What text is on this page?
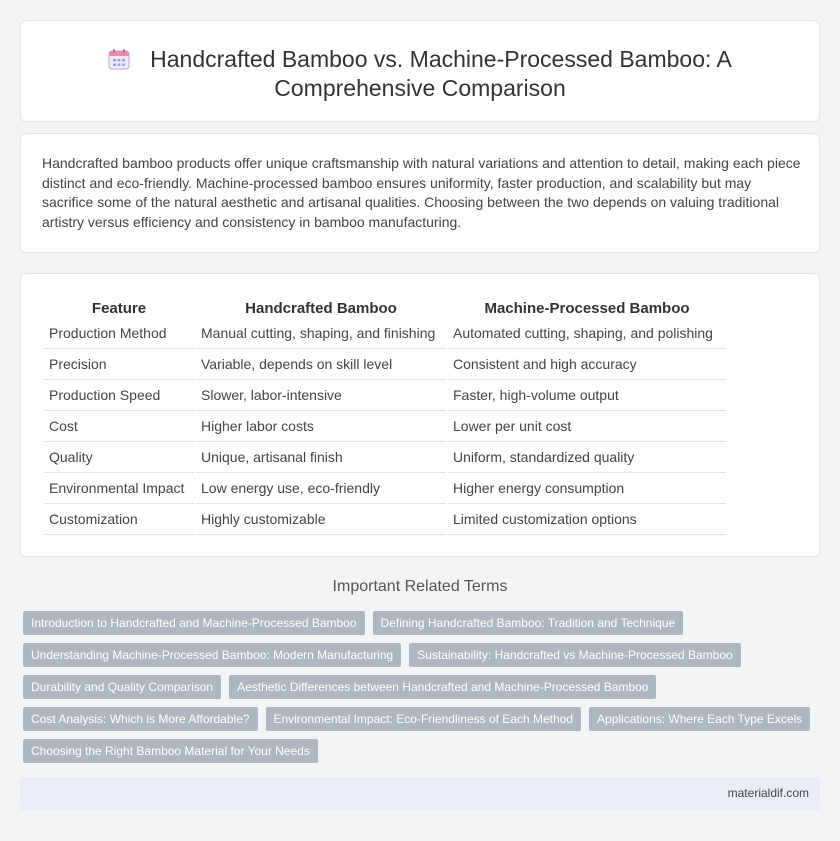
Handcrafted Bamboo vs. Machine-Processed Bamboo: A Comprehensive Comparison

Handcrafted bamboo products offer unique craftsmanship with natural variations and attention to detail, making each piece distinct and eco-friendly. Machine-processed bamboo ensures uniformity, faster production, and scalability but may sacrifice some of the natural aesthetic and artisanal qualities. Choosing between the two depends on valuing traditional artistry versus efficiency and consistency in bamboo manufacturing.

Feature	Handcrafted Bamboo	Machine-Processed Bamboo
Production Method	Manual cutting, shaping, and finishing	Automated cutting, shaping, and polishing
Precision	Variable, depends on skill level	Consistent and high accuracy
Production Speed	Slower, labor-intensive	Faster, high-volume output
Cost	Higher labor costs	Lower per unit cost
Quality	Unique, artisanal finish	Uniform, standardized quality
Environmental Impact	Low energy use, eco-friendly	Higher energy consumption
Customization	Highly customizable	Limited customization options
Important Related Terms
Introduction to Handcrafted and Machine-Processed Bamboo	Defining Handcrafted Bamboo: Tradition and Technique
Understanding Machine-Processed Bamboo: Modern Manufacturing	Sustainability: Handcrafted vs Machine-Processed Bamboo
Durability and Quality Comparison	Aesthetic Differences between Handcrafted and Machine-Processed Bamboo
Cost Analysis: Which is More Affordable?	Environmental Impact: Eco-Friendliness of Each Method	Applications: Where Each Type Excels
Choosing the Right Bamboo Material for Your Needs
materialdif.com
